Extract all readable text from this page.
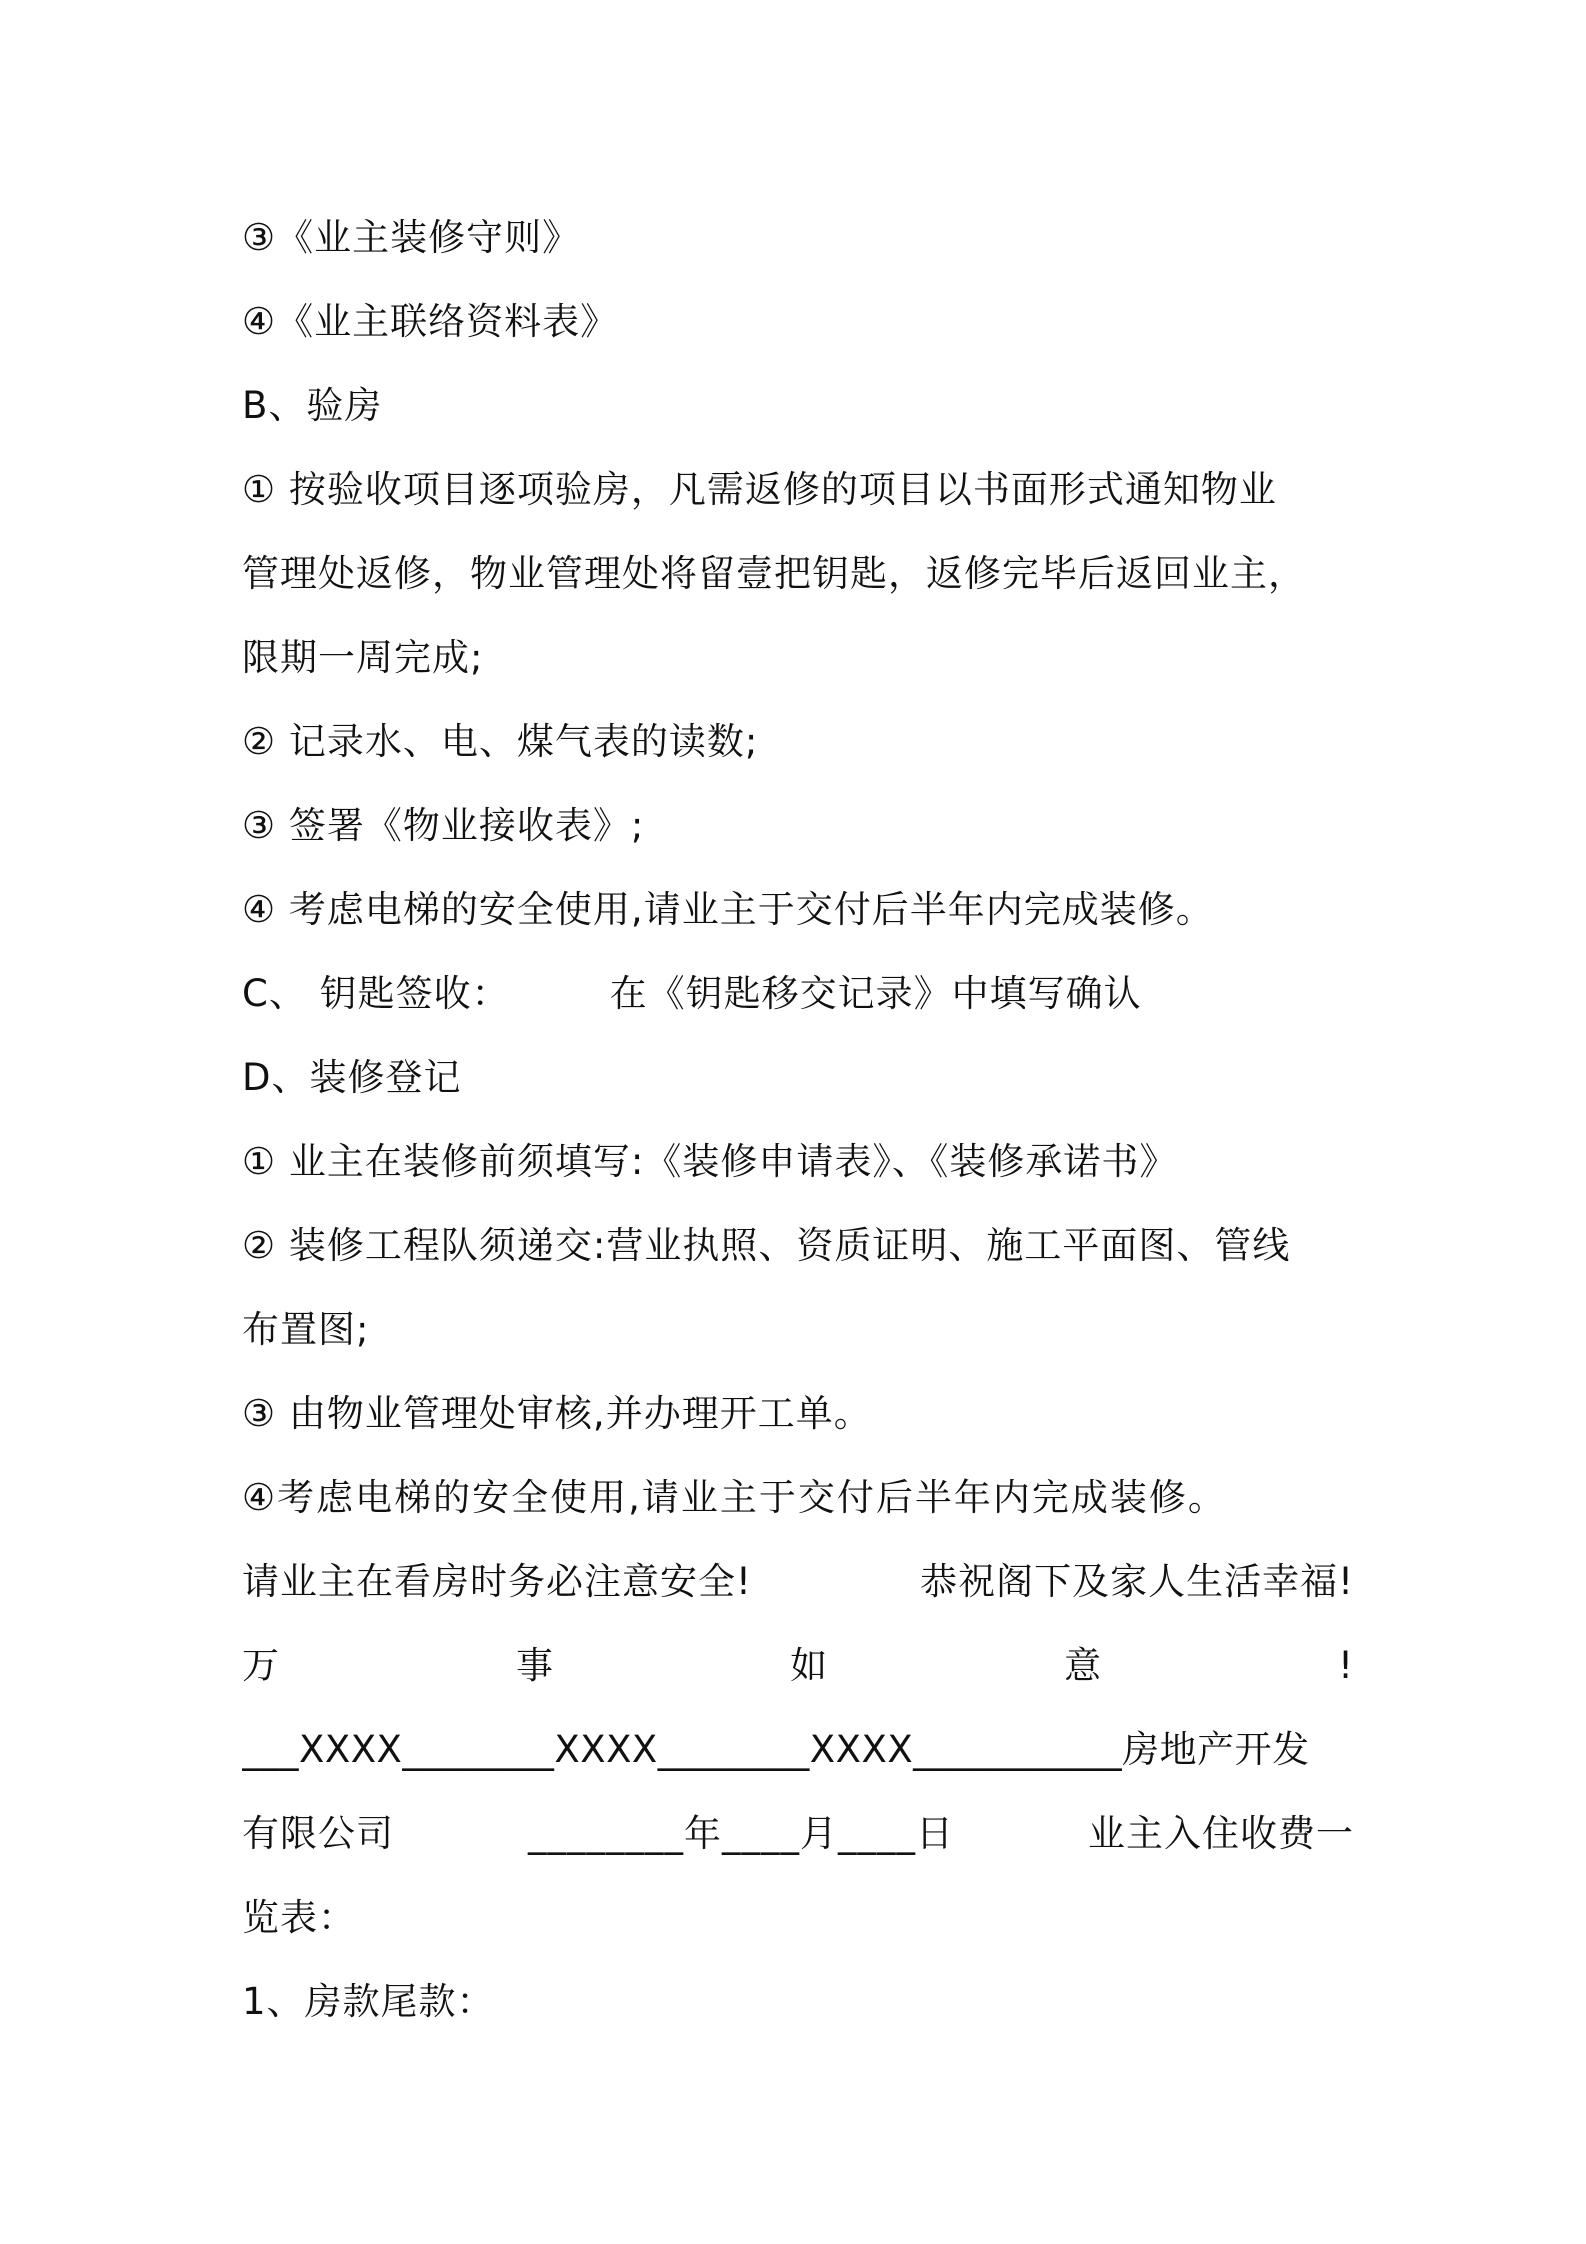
③《业主装修守则》
④《业主联络资料表》
B、验房
① 按验收项目逐项验房，凡需返修的项目以书面形式通知物业
管理处返修，物业管理处将留壹把钥匙，返修完毕后返回业主，
限期一周完成;
② 记录水、电、煤气表的读数;
③ 签署《物业接收表》;
④ 考虑电梯的安全使用,请业主于交付后半年内完成装修。
C、 钥匙签收：	在《钥匙移交记录》中填写确认
D、装修登记
① 业主在装修前须填写:《装修申请表》、《装修承诺书》
② 装修工程队须递交:营业执照、资质证明、施工平面图、管线
布置图;
③ 由物业管理处审核,并办理开工单。
④考虑电梯的安全使用,请业主于交付后半年内完成装修。
请业主在看房时务必注意安全!	恭祝阁下及家人生活幸福!
万	事	如	意	!
___XXXX________XXXX________XXXX___________房地产开发
有限公司	________年____月____日	业主入住收费一
览表：
1、房款尾款：
